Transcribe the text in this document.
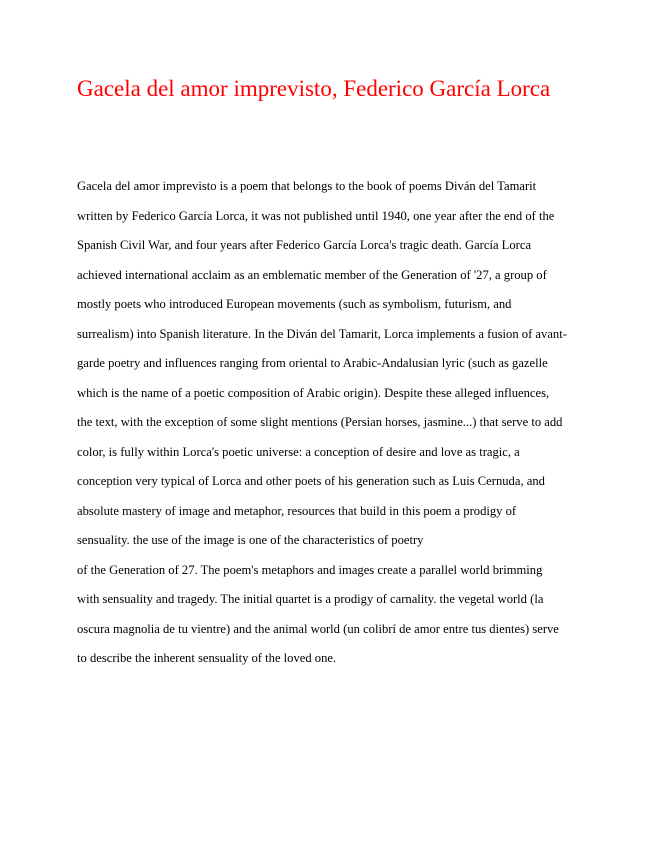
Gacela del amor imprevisto, Federico García Lorca
Gacela del amor imprevisto is a poem that belongs to the book of poems Diván del Tamarit
written by Federico García Lorca, it was not published until 1940, one year after the end of the
Spanish Civil War, and four years after Federico García Lorca's tragic death. García Lorca
achieved international acclaim as an emblematic member of the Generation of '27, a group of
mostly poets who introduced European movements (such as symbolism, futurism, and
surrealism) into Spanish literature. In the Diván del Tamarit, Lorca implements a fusion of avant-
garde poetry and influences ranging from oriental to Arabic-Andalusian lyric (such as gazelle
which is the name of a poetic composition of Arabic origin). Despite these alleged influences,
the text, with the exception of some slight mentions (Persian horses, jasmine...) that serve to add
color, is fully within Lorca's poetic universe: a conception of desire and love as tragic, a
conception very typical of Lorca and other poets of his generation such as Luis Cernuda, and
absolute mastery of image and metaphor, resources that build in this poem a prodigy of
sensuality. the use of the image is one of the characteristics of poetry
of the Generation of 27. The poem's metaphors and images create a parallel world brimming
with sensuality and tragedy. The initial quartet is a prodigy of carnality. the vegetal world (la
oscura magnolia de tu vientre) and the animal world (un colibrí de amor entre tus dientes) serve
to describe the inherent sensuality of the loved one.
